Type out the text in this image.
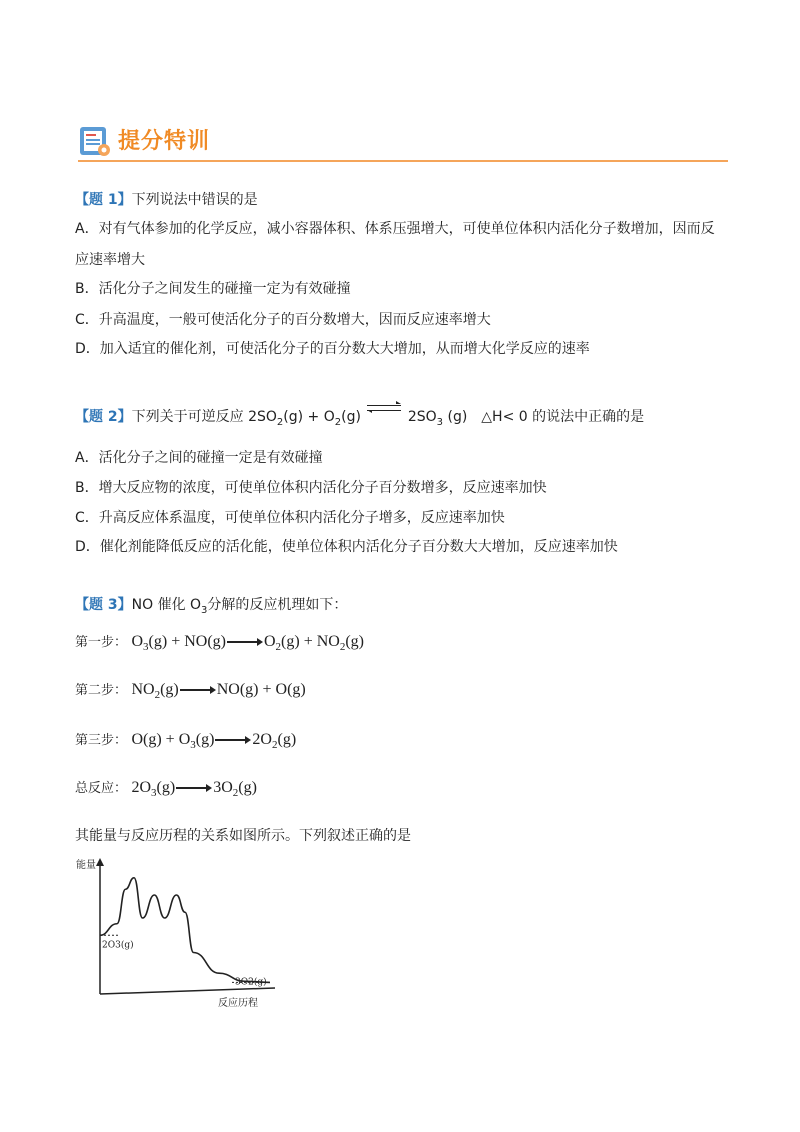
提分特训
【题 1】下列说法中错误的是
A．对有气体参加的化学反应，减小容器体积、体系压强增大，可使单位体积内活化分子数增加，因而反
应速率增大
B．活化分子之间发生的碰撞一定为有效碰撞
C．升高温度，一般可使活化分子的百分数增大，因而反应速率增大
D．加入适宜的催化剂，可使活化分子的百分数大大增加，从而增大化学反应的速率
【题 2】下列关于可逆反应 $2SO_2(g) + O_2(g)$	$2SO_3$ (g)　△H< 0 的说法中正确的是
A．活化分子之间的碰撞一定是有效碰撞
B．增大反应物的浓度，可使单位体积内活化分子百分数增多，反应速率加快
C．升高反应体系温度，可使单位体积内活化分子增多，反应速率加快
D．催化剂能降低反应的活化能，使单位体积内活化分子百分数大大增加，反应速率加快
【题 3】NO 催化 $O_3$分解的反应机理如下：
第一步： $O_3(g) + NO(g) O_2(g) + NO_2(g)$
第二步： $NO_2(g) NO(g) + O(g)$
第三步： $O(g) + O_3(g)$ $2O_2(g)$
总反应： $2O_3(g)$ $3O_2(g)$
其能量与反应历程的关系如图所示。下列叙述正确的是
能量
反应历程
2O3(g)
3O2(g)
